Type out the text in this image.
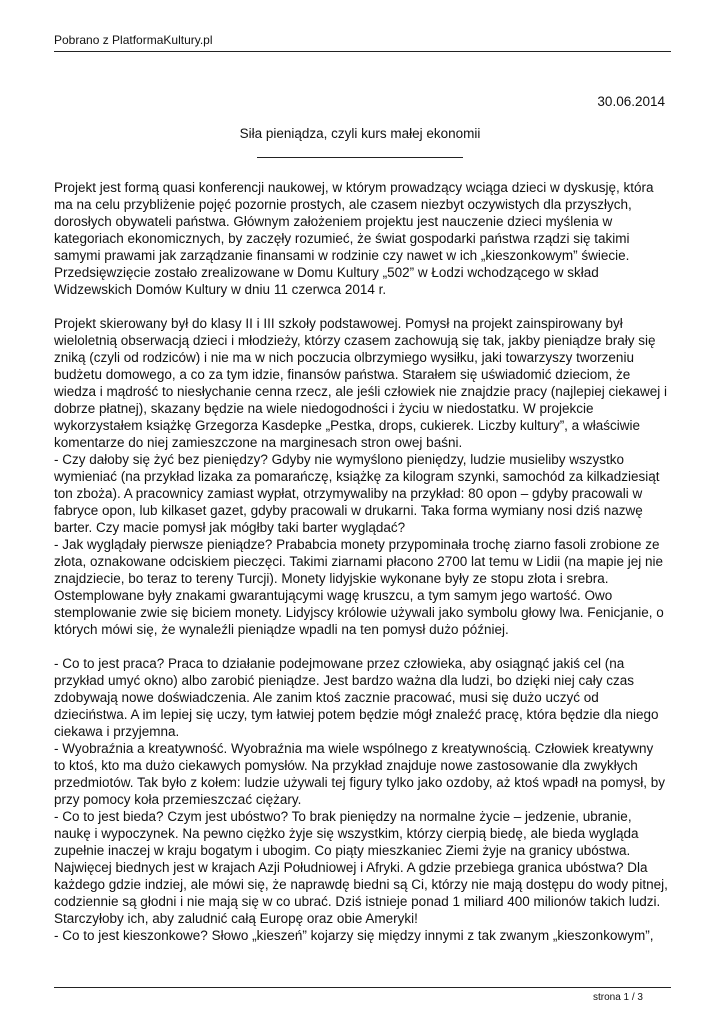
Pobrano z PlatformaKultury.pl
30.06.2014
Siła pieniądza, czyli kurs małej ekonomii
Projekt jest formą quasi konferencji naukowej, w którym prowadzący wciąga dzieci w dyskusję, która
ma na celu przybliżenie pojęć pozornie prostych, ale czasem niezbyt oczywistych dla przyszłych,
dorosłych obywateli państwa. Głównym założeniem projektu jest nauczenie dzieci myślenia w
kategoriach ekonomicznych, by zaczęły rozumieć, że świat gospodarki państwa rządzi się takimi
samymi prawami jak zarządzanie finansami w rodzinie czy nawet w ich „kieszonkowym” świecie.
Przedsięwzięcie zostało zrealizowane w Domu Kultury „502” w Łodzi wchodzącego w skład
Widzewskich Domów Kultury w dniu 11 czerwca 2014 r.
Projekt skierowany był do klasy II i III szkoły podstawowej. Pomysł na projekt zainspirowany był
wieloletnią obserwacją dzieci i młodzieży, którzy czasem zachowują się tak, jakby pieniądze brały się
zniką (czyli od rodziców) i nie ma w nich poczucia olbrzymiego wysiłku, jaki towarzyszy tworzeniu
budżetu domowego, a co za tym idzie, finansów państwa. Starałem się uświadomić dzieciom, że
wiedza i mądrość to niesłychanie cenna rzecz, ale jeśli człowiek nie znajdzie pracy (najlepiej ciekawej i
dobrze płatnej), skazany będzie na wiele niedogodności i życiu w niedostatku. W projekcie
wykorzystałem książkę Grzegorza Kasdepke „Pestka, drops, cukierek. Liczby kultury”, a właściwie
komentarze do niej zamieszczone na marginesach stron owej baśni.
- Czy dałoby się żyć bez pieniędzy? Gdyby nie wymyślono pieniędzy, ludzie musieliby wszystko
wymieniać (na przykład lizaka za pomarańczę, książkę za kilogram szynki, samochód za kilkadziesiąt
ton zboża). A pracownicy zamiast wypłat, otrzymywaliby na przykład: 80 opon – gdyby pracowali w
fabryce opon, lub kilkaset gazet, gdyby pracowali w drukarni. Taka forma wymiany nosi dziś nazwę
barter. Czy macie pomysł jak mógłby taki barter wyglądać?
- Jak wyglądały pierwsze pieniądze? Prababcia monety przypominała trochę ziarno fasoli zrobione ze
złota, oznakowane odciskiem pieczęci. Takimi ziarnami płacono 2700 lat temu w Lidii (na mapie jej nie
znajdziecie, bo teraz to tereny Turcji). Monety lidyjskie wykonane były ze stopu złota i srebra.
Ostemplowane były znakami gwarantującymi wagę kruszcu, a tym samym jego wartość. Owo
stemplowanie zwie się biciem monety. Lidyjscy królowie używali jako symbolu głowy lwa. Fenicjanie, o
których mówi się, że wynaleźli pieniądze wpadli na ten pomysł dużo później.
- Co to jest praca? Praca to działanie podejmowane przez człowieka, aby osiągnąć jakiś cel (na
przykład umyć okno) albo zarobić pieniądze. Jest bardzo ważna dla ludzi, bo dzięki niej cały czas
zdobywają nowe doświadczenia. Ale zanim ktoś zacznie pracować, musi się dużo uczyć od
dzieciństwa. A im lepiej się uczy, tym łatwiej potem będzie mógł znaleźć pracę, która będzie dla niego
ciekawa i przyjemna.
- Wyobraźnia a kreatywność. Wyobraźnia ma wiele wspólnego z kreatywnością. Człowiek kreatywny
to ktoś, kto ma dużo ciekawych pomysłów. Na przykład znajduje nowe zastosowanie dla zwykłych
przedmiotów. Tak było z kołem: ludzie używali tej figury tylko jako ozdoby, aż ktoś wpadł na pomysł, by
przy pomocy koła przemieszczać ciężary.
- Co to jest bieda? Czym jest ubóstwo? To brak pieniędzy na normalne życie – jedzenie, ubranie,
naukę i wypoczynek. Na pewno ciężko żyje się wszystkim, którzy cierpią biedę, ale bieda wygląda
zupełnie inaczej w kraju bogatym i ubogim. Co piąty mieszkaniec Ziemi żyje na granicy ubóstwa.
Najwięcej biednych jest w krajach Azji Południowej i Afryki. A gdzie przebiega granica ubóstwa? Dla
każdego gdzie indziej, ale mówi się, że naprawdę biedni są Ci, którzy nie mają dostępu do wody pitnej,
codziennie są głodni i nie mają się w co ubrać. Dziś istnieje ponad 1 miliard 400 milionów takich ludzi.
Starczyłoby ich, aby zaludnić całą Europę oraz obie Ameryki!
- Co to jest kieszonkowe? Słowo „kieszeń” kojarzy się między innymi z tak zwanym „kieszonkowym”,
strona 1 / 3
